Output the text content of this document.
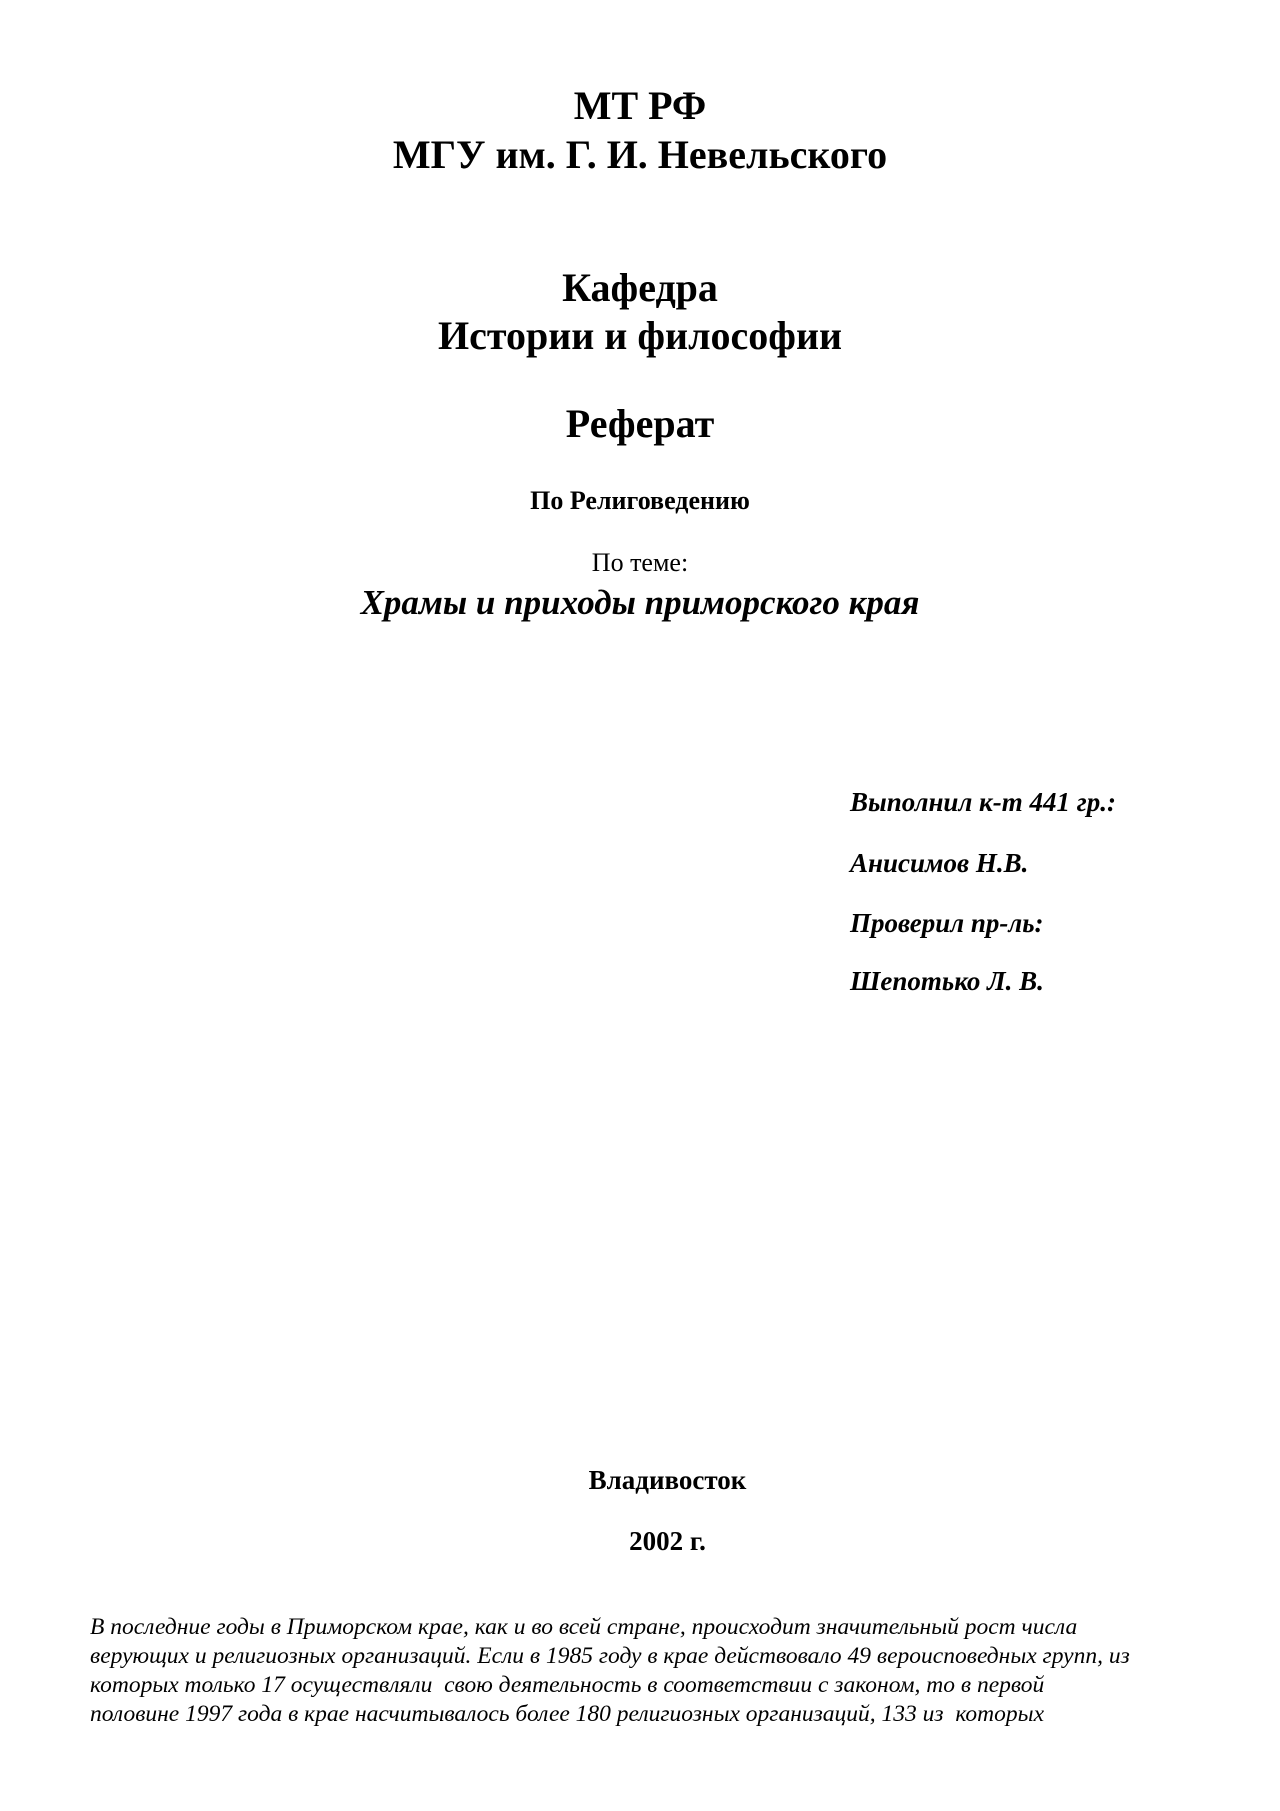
МТ РФ
МГУ им. Г. И. Невельского
Кафедра
Истории и философии
Реферат
По Религоведению
По теме:
Храмы и приходы приморского края
Выполнил к-т 441 гр.:
Анисимов Н.В.
Проверил пр-ль:
Шепотько Л. В.
Владивосток
2002 г.
В последние годы в Приморском крае, как и во всей стране, происходит значительный рост числа
верующих и религиозных организаций. Если в 1985 году в крае действовало 49 вероисповедных групп, из
которых только 17 осуществляли  свою деятельность в соответствии с законом, то в первой
половине 1997 года в крае насчитывалось более 180 религиозных организаций, 133 из  которых
